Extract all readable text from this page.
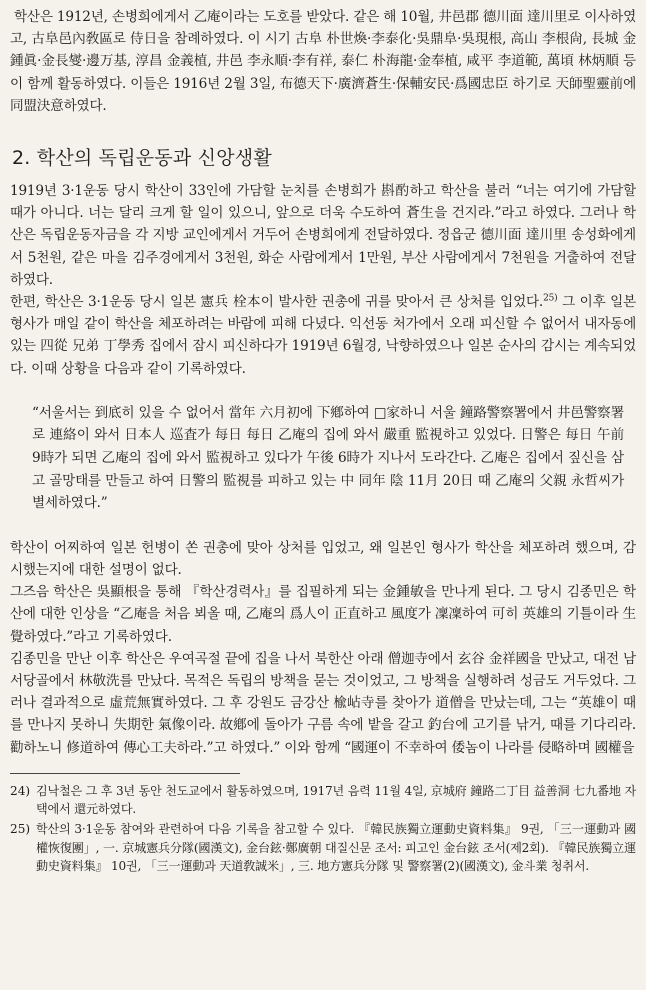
학산은 1912년, 손병희에게서 乙庵이라는 도호를 받았다. 같은 해 10월, 井邑郡 德川面 達川里로 이사하였고, 古阜邑內敎區로 侍日을 참례하였다. 이 시기 古阜 朴世煥·李泰化·吳鼎阜·吳現根, 高山 李根尙, 長城 金鍾眞·金長燮·邊万基, 淳昌 金義植, 井邑 李永順·李有祥, 泰仁 朴海龍·金奉植, 咸平 李道範, 萬頃 林炳順 등이 함께 활동하였다. 이들은 1916년 2월 3일, 布德天下·廣濟蒼生·保輔安民·爲國忠臣 하기로 天師聖靈前에 同盟決意하였다.

2. 학산의 독립운동과 신앙생활

1919년 3·1운동 당시 학산이 33인에 가담할 눈치를 손병희가 斟酌하고 학산을 불러 “너는 여기에 가담할 때가 아니다. 너는 달리 크게 할 일이 있으니, 앞으로 더욱 수도하여 蒼生을 건지라.”라고 하였다. 그러나 학산은 독립운동자금을 각 지방 교인에게서 거두어 손병희에게 전달하였다. 정읍군 德川面 達川里 송성화에게서 5천원, 같은 마을 김주경에게서 3천원, 화순 사람에게서 1만원, 부산 사람에게서 7천원을 거출하여 전달하였다.

한편, 학산은 3·1운동 당시 일본 憲兵 栓本이 발사한 권총에 귀를 맞아서 큰 상처를 입었다.$^{25)}$ 그 이후 일본 형사가 매일 같이 학산을 체포하려는 바람에 피해 다녔다. 익선동 처가에서 오래 피신할 수 없어서 내자동에 있는 四從 兄弟 丁學秀 집에서 잠시 피신하다가 1919년 6월경, 낙향하였으나 일본 순사의 감시는 계속되었다. 이때 상황을 다음과 같이 기록하였다.

“서울서는 到底히 있을 수 없어서 當年 六月初에 下鄕하여 □家하니 서울 鐘路警察署에서 井邑警察署로 連絡이 와서 日本人 巡査가 每日 每日 乙庵의 집에 와서 嚴重 監視하고 있었다. 日警은 每日 午前 9時가 되면 乙庵의 집에 와서 監視하고 있다가 午後 6時가 지나서 도라간다. 乙庵은 집에서 짚신을 삼고 골망태를 만들고 하여 日警의 監視를 피하고 있는 中 同年 陰 11月 20日 때 乙庵의 父親 永哲씨가 별세하였다.”

학산이 어찌하여 일본 헌병이 쏜 권총에 맞아 상처를 입었고, 왜 일본인 형사가 학산을 체포하려 했으며, 감시했는지에 대한 설명이 없다.

그즈음 학산은 吳顯根을 통해 『학산경력사』를 집필하게 되는 金鍾敏을 만나게 된다. 그 당시 김종민은 학산에 대한 인상을 “乙庵을 처음 뵈올 때, 乙庵의 爲人이 正直하고 風度가 凜凜하여 可히 英雄의 기틀이라 生覺하였다.”라고 기록하였다.

김종민을 만난 이후 학산은 우여곡절 끝에 집을 나서 북한산 아래 僧迦寺에서 玄谷 金祥國을 만났고, 대전 남서당골에서 林敬洗를 만났다. 목적은 독립의 방책을 묻는 것이었고, 그 방책을 실행하려 성금도 거두었다. 그러나 결과적으로 虛荒無實하였다. 그 후 강원도 금강산 楡岾寺를 찾아가 道僧을 만났는데, 그는 “英雄이 때를 만나지 못하니 失期한 氣像이라. 故鄕에 돌아가 구름 속에 밭을 갈고 釣台에 고기를 낚거, 때를 기다리라. 勸하노니 修道하여 傳心工夫하라.”고 하였다.” 이와 함께 “國運이 不幸하여 倭놈이 나라를 侵略하며 國權을

24) 김낙철은 그 후 3년 동안 천도교에서 활동하였으며, 1917년 음력 11월 4일, 京城府 鐘路二丁目 益善洞 七九番地 자택에서 還元하였다.
25) 학산의 3·1운동 참여와 관련하여 다음 기록을 참고할 수 있다. 『韓民族獨立運動史資料集』 9권, 「三一運動과 國權恢復團」, 一. 京城憲兵分隊(國漢文), 金台鉉·鄭廣朝 대질신문 조서: 피고인 金台鉉 조서(제2회). 『韓民族獨立運動史資料集』 10권, 「三一運動과 天道敎誠米」, 三. 地方憲兵分隊 및 警察署(2)(國漢文), 金斗業 청취서.
